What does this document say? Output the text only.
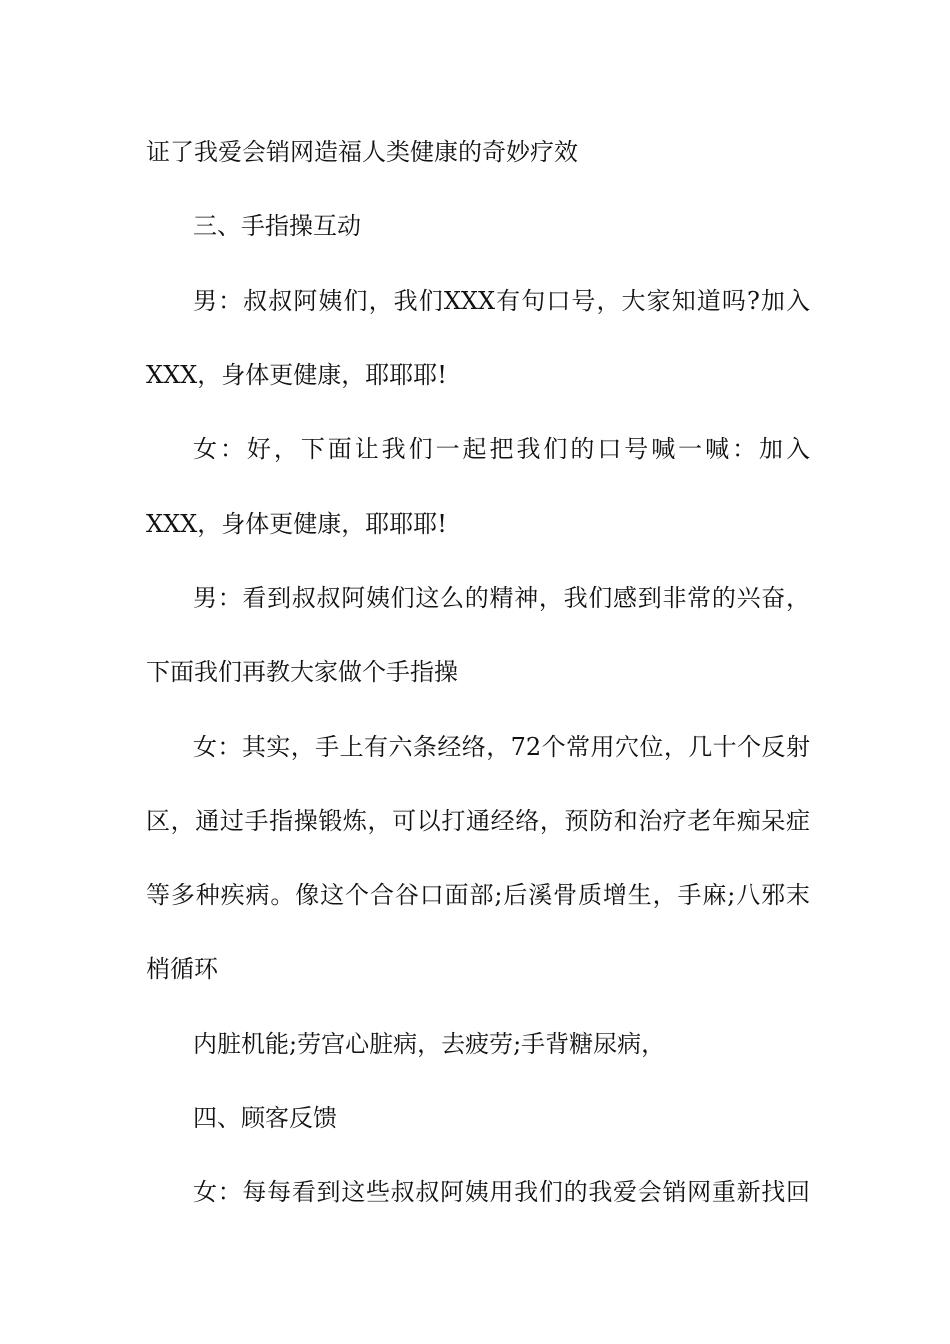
证了我爱会销网造福人类健康的奇妙疗效
三、手指操互动
男：叔叔阿姨们，我们XXX有句口号，大家知道吗?加入
XXX，身体更健康，耶耶耶!
女：好，下面让我们一起把我们的口号喊一喊：加入
XXX，身体更健康，耶耶耶!
男：看到叔叔阿姨们这么的精神，我们感到非常的兴奋，
下面我们再教大家做个手指操
女：其实，手上有六条经络，72个常用穴位，几十个反射
区，通过手指操锻炼，可以打通经络，预防和治疗老年痴呆症
等多种疾病。像这个合谷口面部;后溪骨质增生，手麻;八邪末
梢循环
内脏机能;劳宫心脏病，去疲劳;手背糖尿病，
四、顾客反馈
女：每每看到这些叔叔阿姨用我们的我爱会销网重新找回
